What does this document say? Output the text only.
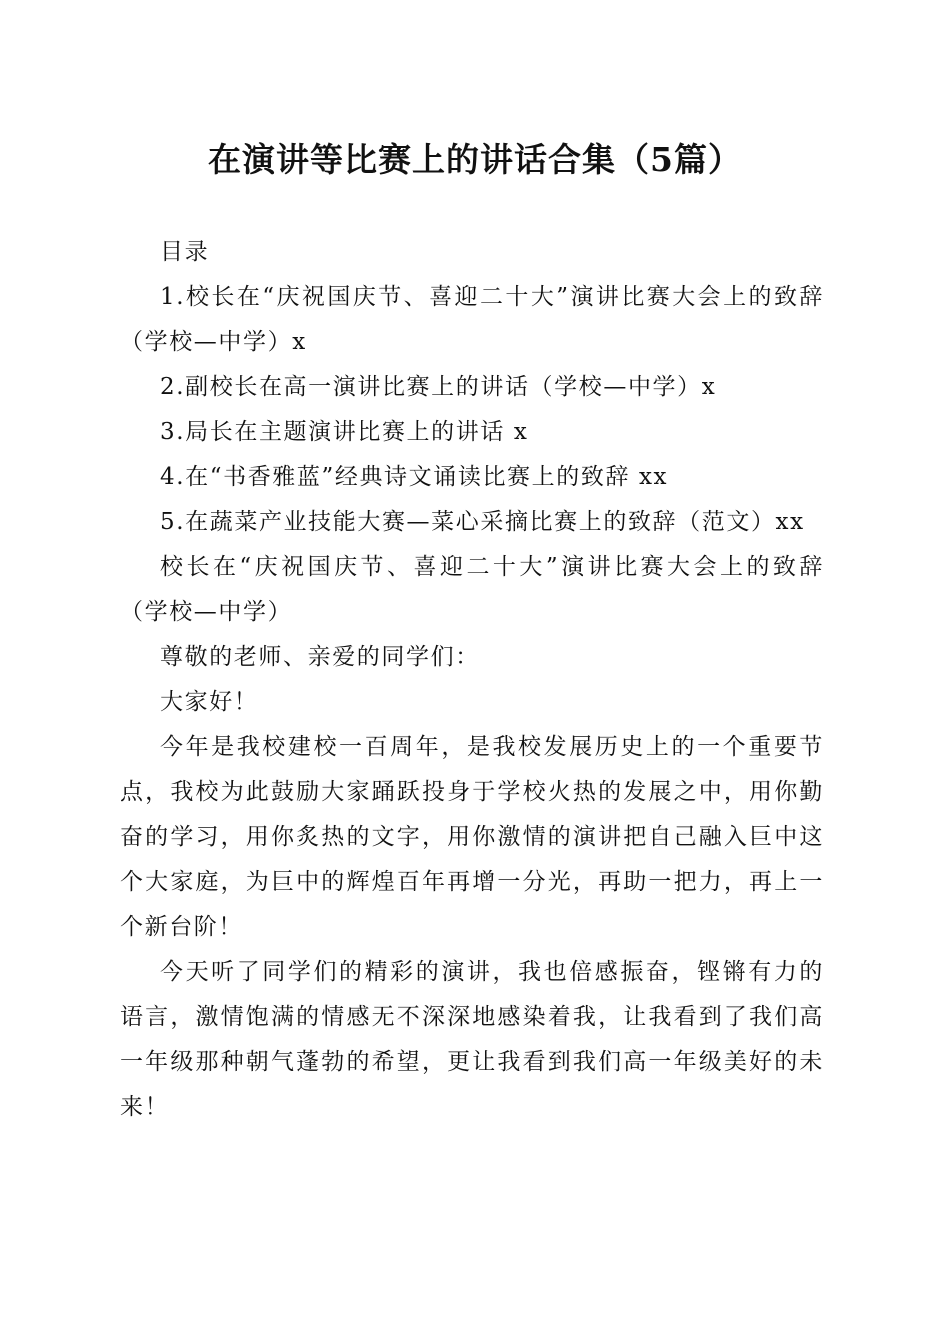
在演讲等比赛上的讲话合集（5篇）

目录

1.校长在“庆祝国庆节、喜迎二十大”演讲比赛大会上的致辞（学校—中学）x

2.副校长在高一演讲比赛上的讲话（学校—中学）x

3.局长在主题演讲比赛上的讲话 x

4.在“书香雅蓝”经典诗文诵读比赛上的致辞 xx

5.在蔬菜产业技能大赛—菜心采摘比赛上的致辞（范文）xx

校长在“庆祝国庆节、喜迎二十大”演讲比赛大会上的致辞（学校—中学）

尊敬的老师、亲爱的同学们：

大家好！

今年是我校建校一百周年，是我校发展历史上的一个重要节点，我校为此鼓励大家踊跃投身于学校火热的发展之中，用你勤奋的学习，用你炙热的文字，用你激情的演讲把自己融入巨中这个大家庭，为巨中的辉煌百年再增一分光，再助一把力，再上一个新台阶！

今天听了同学们的精彩的演讲，我也倍感振奋，铿锵有力的语言，激情饱满的情感无不深深地感染着我，让我看到了我们高一年级那种朝气蓬勃的希望，更让我看到我们高一年级美好的未来！
